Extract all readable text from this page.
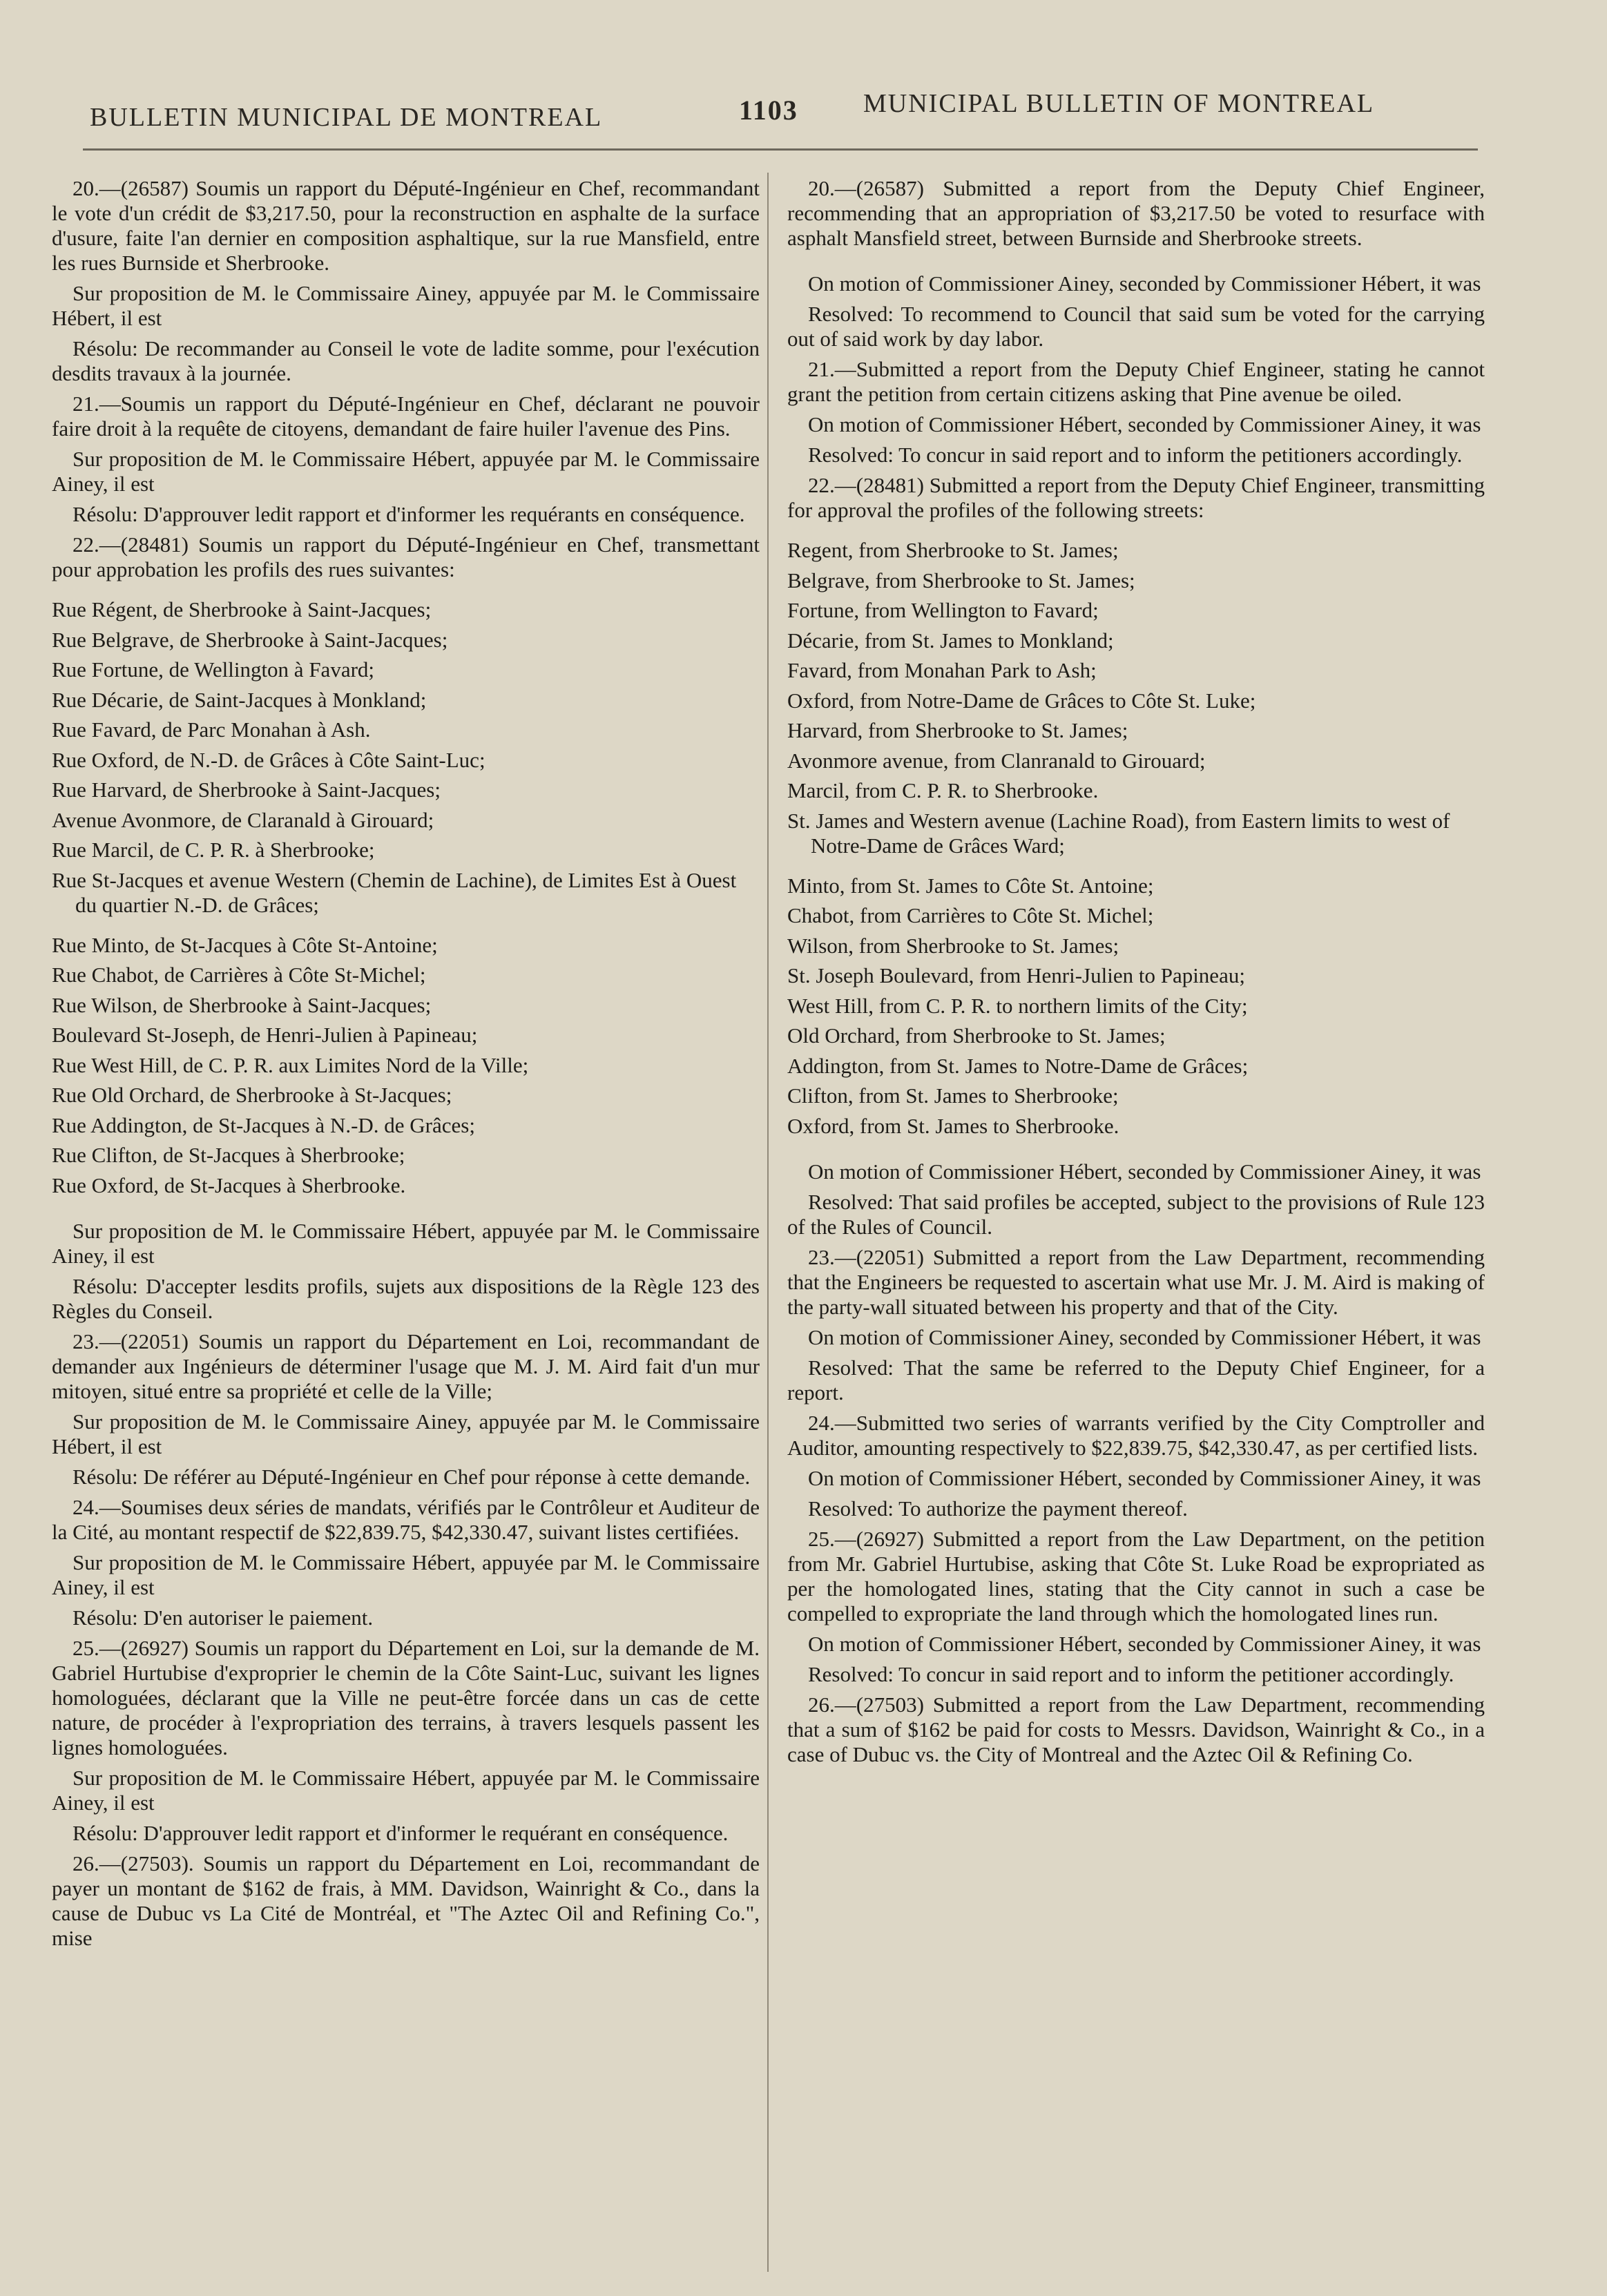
BULLETIN MUNICIPAL DE MONTREAL	1103 MUNICIPAL BULLETIN OF MONTREAL

20.—(26587) Soumis un rapport du Député-Ingénieur en Chef, recommandant le vote d'un crédit de $3,217.50, pour la reconstruction en asphalte de la surface d'usure, faite l'an dernier en composition asphaltique, sur la rue Mansfield, entre les rues Burnside et Sherbrooke.

Sur proposition de M. le Commissaire Ainey, appuyée par M. le Commissaire Hébert, il est

Résolu: De recommander au Conseil le vote de ladite somme, pour l'exécution desdits travaux à la journée.

21.—Soumis un rapport du Député-Ingénieur en Chef, déclarant ne pouvoir faire droit à la requête de citoyens, demandant de faire huiler l'avenue des Pins.

Sur proposition de M. le Commissaire Hébert, appuyée par M. le Commissaire Ainey, il est

Résolu: D'approuver ledit rapport et d'informer les requérants en conséquence.

22.—(28481) Soumis un rapport du Député-Ingénieur en Chef, transmettant pour approbation les profils des rues suivantes:

Rue Régent, de Sherbrooke à Saint-Jacques;
Rue Belgrave, de Sherbrooke à Saint-Jacques;
Rue Fortune, de Wellington à Favard;
Rue Décarie, de Saint-Jacques à Monkland;
Rue Favard, de Parc Monahan à Ash.
Rue Oxford, de N.-D. de Grâces à Côte Saint-Luc;
Rue Harvard, de Sherbrooke à Saint-Jacques;
Avenue Avonmore, de Claranald à Girouard;
Rue Marcil, de C. P. R. à Sherbrooke;
Rue St-Jacques et avenue Western (Chemin de Lachine), de Limites Est à Ouest du quartier N.-D. de Grâces;
Rue Minto, de St-Jacques à Côte St-Antoine;
Rue Chabot, de Carrières à Côte St-Michel;
Rue Wilson, de Sherbrooke à Saint-Jacques;
Boulevard St-Joseph, de Henri-Julien à Papineau;
Rue West Hill, de C. P. R. aux Limites Nord de la Ville;
Rue Old Orchard, de Sherbrooke à St-Jacques;
Rue Addington, de St-Jacques à N.-D. de Grâces;
Rue Clifton, de St-Jacques à Sherbrooke;
Rue Oxford, de St-Jacques à Sherbrooke.

Sur proposition de M. le Commissaire Hébert, appuyée par M. le Commissaire Ainey, il est

Résolu: D'accepter lesdits profils, sujets aux dispositions de la Règle 123 des Règles du Conseil.

23.—(22051) Soumis un rapport du Département en Loi, recommandant de demander aux Ingénieurs de déterminer l'usage que M. J. M. Aird fait d'un mur mitoyen, situé entre sa propriété et celle de la Ville;

Sur proposition de M. le Commissaire Ainey, appuyée par M. le Commissaire Hébert, il est

Résolu: De référer au Député-Ingénieur en Chef pour réponse à cette demande.

24.—Soumises deux séries de mandats, vérifiés par le Contrôleur et Auditeur de la Cité, au montant respectif de $22,839.75, $42,330.47, suivant listes certifiées.

Sur proposition de M. le Commissaire Hébert, appuyée par M. le Commissaire Ainey, il est

Résolu: D'en autoriser le paiement.

25.—(26927) Soumis un rapport du Département en Loi, sur la demande de M. Gabriel Hurtubise d'exproprier le chemin de la Côte Saint-Luc, suivant les lignes homologuées, déclarant que la Ville ne peut-être forcée dans un cas de cette nature, de procéder à l'expropriation des terrains, à travers lesquels passent les lignes homologuées.

Sur proposition de M. le Commissaire Hébert, appuyée par M. le Commissaire Ainey, il est

Résolu: D'approuver ledit rapport et d'informer le requérant en conséquence.

26.—(27503). Soumis un rapport du Département en Loi, recommandant de payer un montant de $162 de frais, à MM. Davidson, Wainright & Co., dans la cause de Dubuc vs La Cité de Montréal, et "The Aztec Oil and Refining Co.", mise

20.—(26587) Submitted a report from the Deputy Chief Engineer, recommending that an appropriation of $3,217.50 be voted to resurface with asphalt Mansfield street, between Burnside and Sherbrooke streets.

On motion of Commissioner Ainey, seconded by Commissioner Hébert, it was

Resolved: To recommend to Council that said sum be voted for the carrying out of said work by day labor.

21.—Submitted a report from the Deputy Chief Engineer, stating he cannot grant the petition from certain citizens asking that Pine avenue be oiled.

On motion of Commissioner Hébert, seconded by Commissioner Ainey, it was

Resolved: To concur in said report and to inform the petitioners accordingly.

22.—(28481) Submitted a report from the Deputy Chief Engineer, transmitting for approval the profiles of the following streets:

Regent, from Sherbrooke to St. James;
Belgrave, from Sherbrooke to St. James;
Fortune, from Wellington to Favard;
Décarie, from St. James to Monkland;
Favard, from Monahan Park to Ash;
Oxford, from Notre-Dame de Grâces to Côte St. Luke;
Harvard, from Sherbrooke to St. James;
Avonmore avenue, from Clanranald to Girouard;
Marcil, from C. P. R. to Sherbrooke.
St. James and Western avenue (Lachine Road), from Eastern limits to west of Notre-Dame de Grâces Ward;
Minto, from St. James to Côte St. Antoine;
Chabot, from Carrières to Côte St. Michel;
Wilson, from Sherbrooke to St. James;
St. Joseph Boulevard, from Henri-Julien to Papineau;
West Hill, from C. P. R. to northern limits of the City;
Old Orchard, from Sherbrooke to St. James;
Addington, from St. James to Notre-Dame de Grâces;
Clifton, from St. James to Sherbrooke;
Oxford, from St. James to Sherbrooke.

On motion of Commissioner Hébert, seconded by Commissioner Ainey, it was

Resolved: That said profiles be accepted, subject to the provisions of Rule 123 of the Rules of Council.

23.—(22051) Submitted a report from the Law Department, recommending that the Engineers be requested to ascertain what use Mr. J. M. Aird is making of the party-wall situated between his property and that of the City.

On motion of Commissioner Ainey, seconded by Commissioner Hébert, it was

Resolved: That the same be referred to the Deputy Chief Engineer, for a report.

24.—Submitted two series of warrants verified by the City Comptroller and Auditor, amounting respectively to $22,839.75, $42,330.47, as per certified lists.

On motion of Commissioner Hébert, seconded by Commissioner Ainey, it was

Resolved: To authorize the payment thereof.

25.—(26927) Submitted a report from the Law Department, on the petition from Mr. Gabriel Hurtubise, asking that Côte St. Luke Road be expropriated as per the homologated lines, stating that the City cannot in such a case be compelled to expropriate the land through which the homologated lines run.

On motion of Commissioner Hébert, seconded by Commissioner Ainey, it was

Resolved: To concur in said report and to inform the petitioner accordingly.

26.—(27503) Submitted a report from the Law Department, recommending that a sum of $162 be paid for costs to Messrs. Davidson, Wainright & Co., in a case of Dubuc vs. the City of Montreal and the Aztec Oil & Refining Co.
